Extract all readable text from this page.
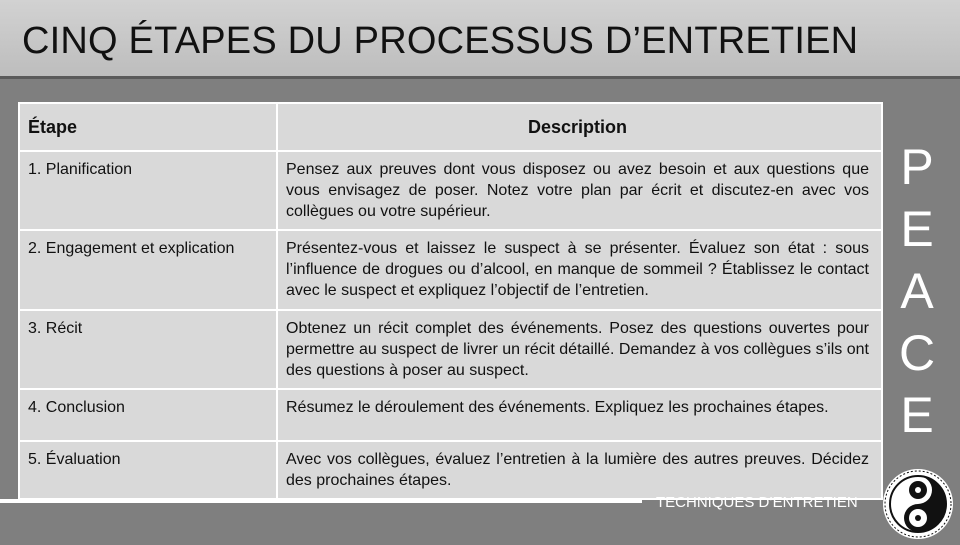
CINQ ÉTAPES DU PROCESSUS D’ENTRETIEN
Étape	Description
1. Planification	Pensez aux preuves dont vous disposez ou avez besoin et aux questions que vous envisagez de poser. Notez votre plan par écrit et discutez-en avec vos collègues ou votre supérieur.
2. Engagement et explication	Présentez-vous et laissez le suspect à se présenter. Évaluez son état : sous l’influence de drogues ou d’alcool, en manque de sommeil ? Établissez le contact avec le suspect et expliquez l’objectif de l’entretien.
3. Récit	Obtenez un récit complet des événements. Posez des questions ouvertes pour permettre au suspect de livrer un récit détaillé. Demandez à vos collègues s’ils ont des questions à poser au suspect.
4. Conclusion	Résumez le déroulement des événements. Expliquez les prochaines étapes.
5. Évaluation	Avec vos collègues, évaluez l’entretien à la lumière des autres preuves. Décidez des prochaines étapes.
P
E
A
C
E
TECHNIQUES D’ENTRETIEN
